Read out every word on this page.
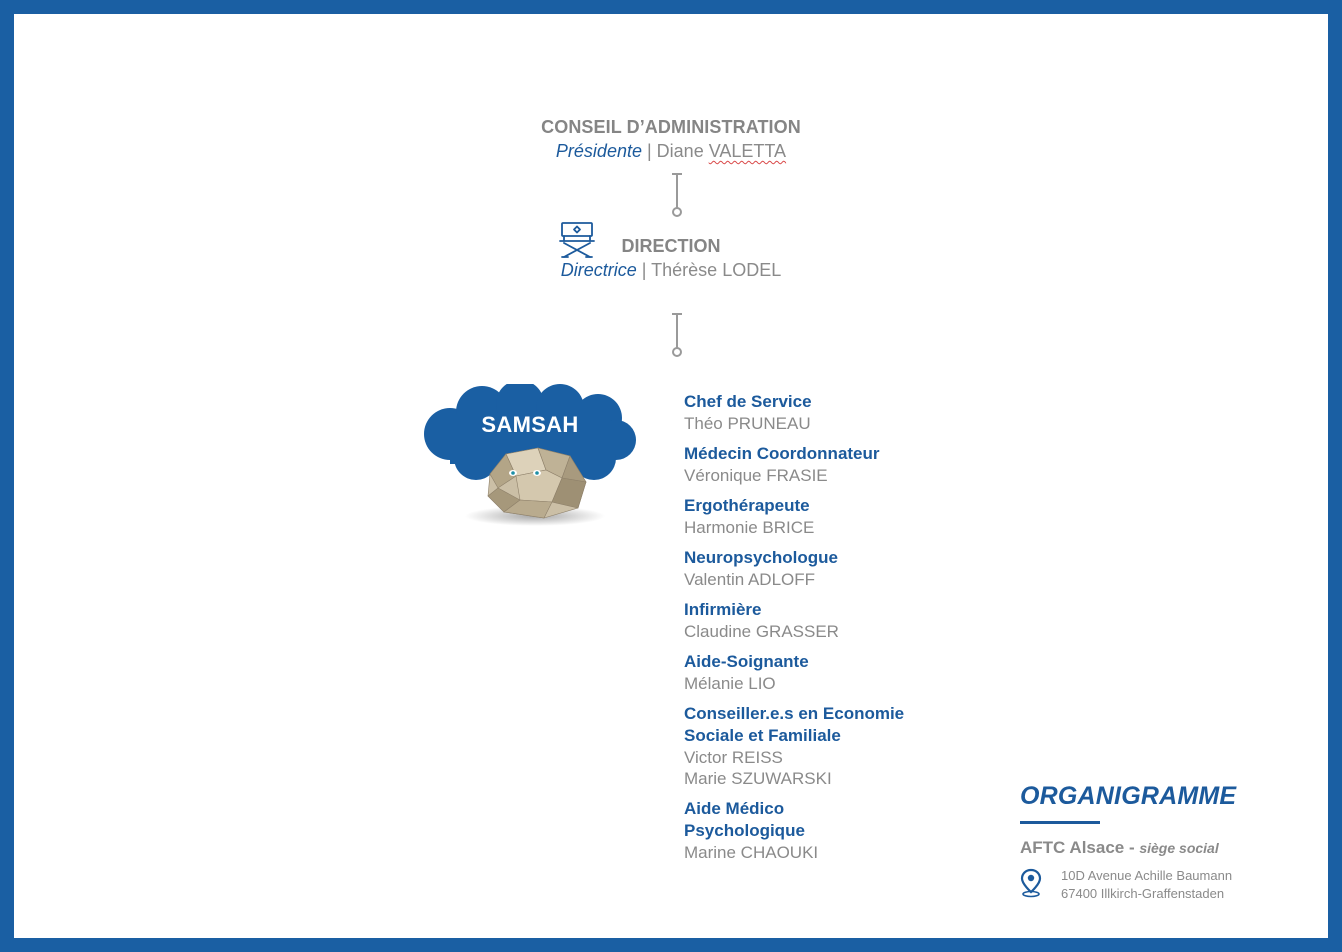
CONSEIL D’ADMINISTRATION
Présidente | Diane VALETTA
DIRECTION
Directrice | Thérèse LODEL
SAMSAH
Chef de Service
Théo PRUNEAU
Médecin Coordonnateur
Véronique FRASIE
Ergothérapeute
Harmonie BRICE
Neuropsychologue
Valentin ADLOFF
Infirmière
Claudine GRASSER
Aide-Soignante
Mélanie LIO
Conseiller.e.s en Economie
Sociale et Familiale
Victor REISS
Marie SZUWARSKI
Aide Médico
Psychologique
Marine CHAOUKI
ORGANIGRAMME
AFTC Alsace - siège social
10D Avenue Achille Baumann
67400 Illkirch-Graffenstaden
